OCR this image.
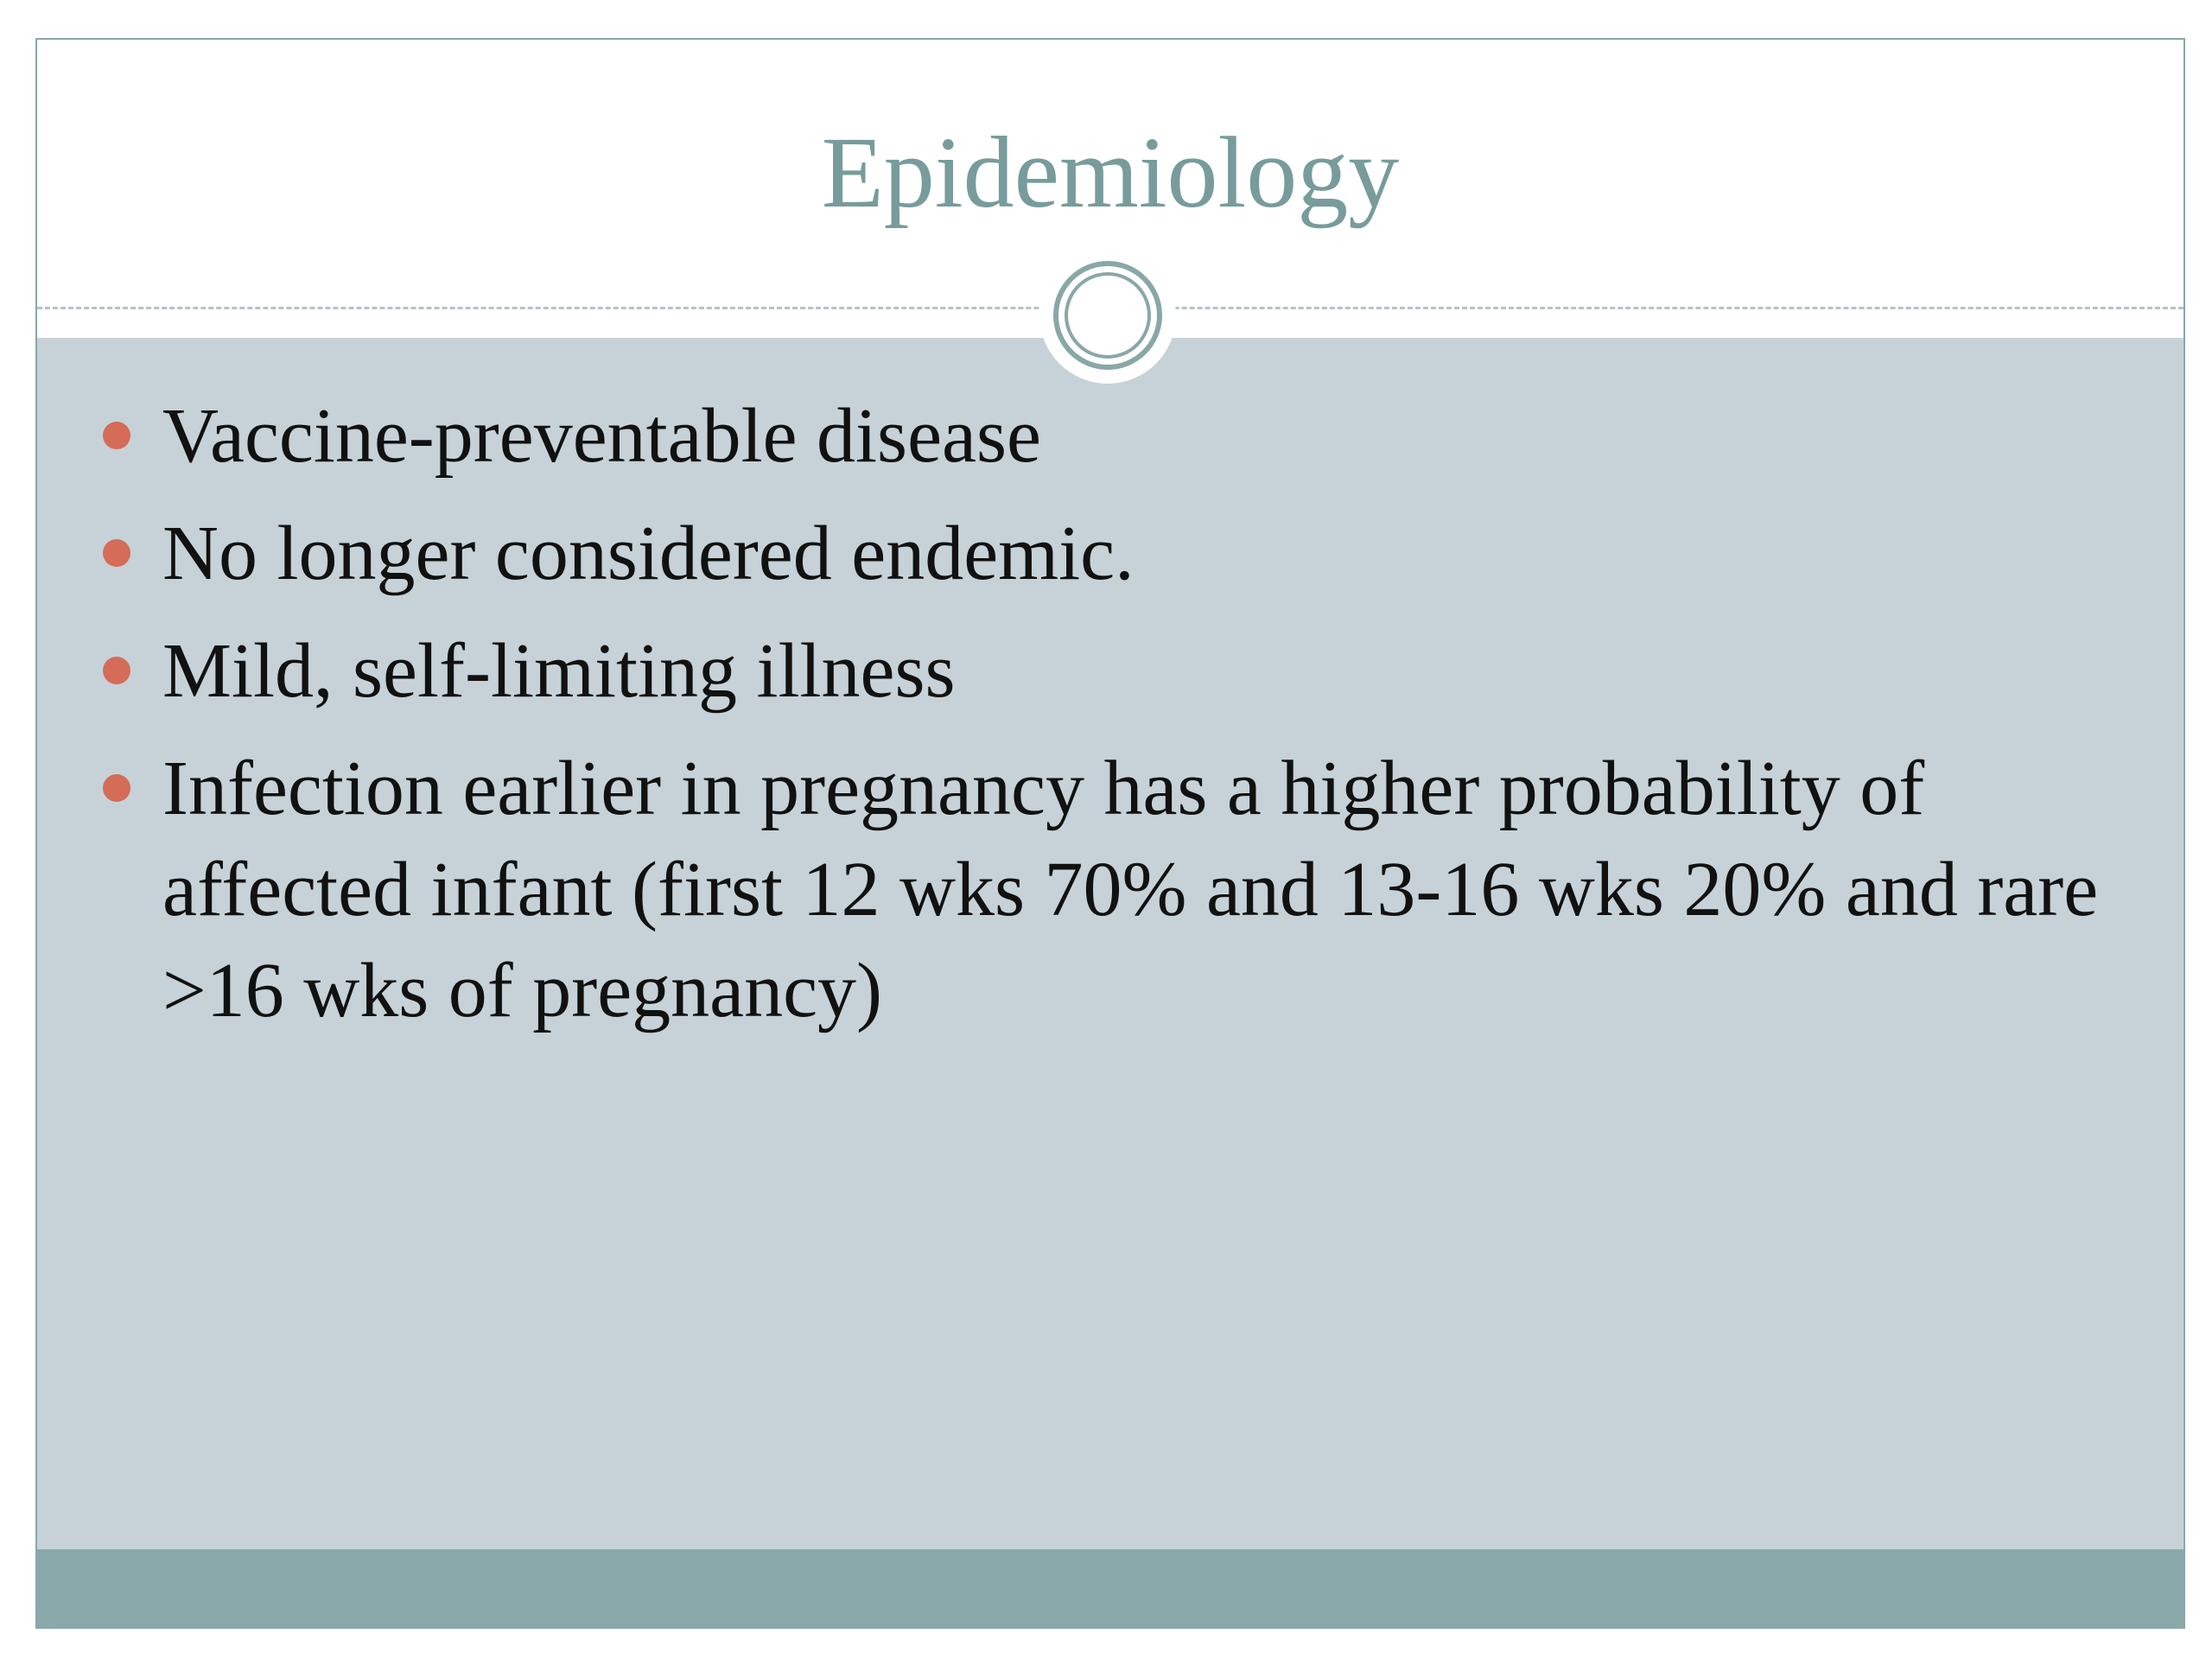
Epidemiology
Vaccine-preventable disease
No longer considered endemic.
Mild, self-limiting illness
Infection earlier in pregnancy has a higher probability of affected infant (first 12 wks 70% and 13-16 wks 20% and rare >16 wks of pregnancy)
